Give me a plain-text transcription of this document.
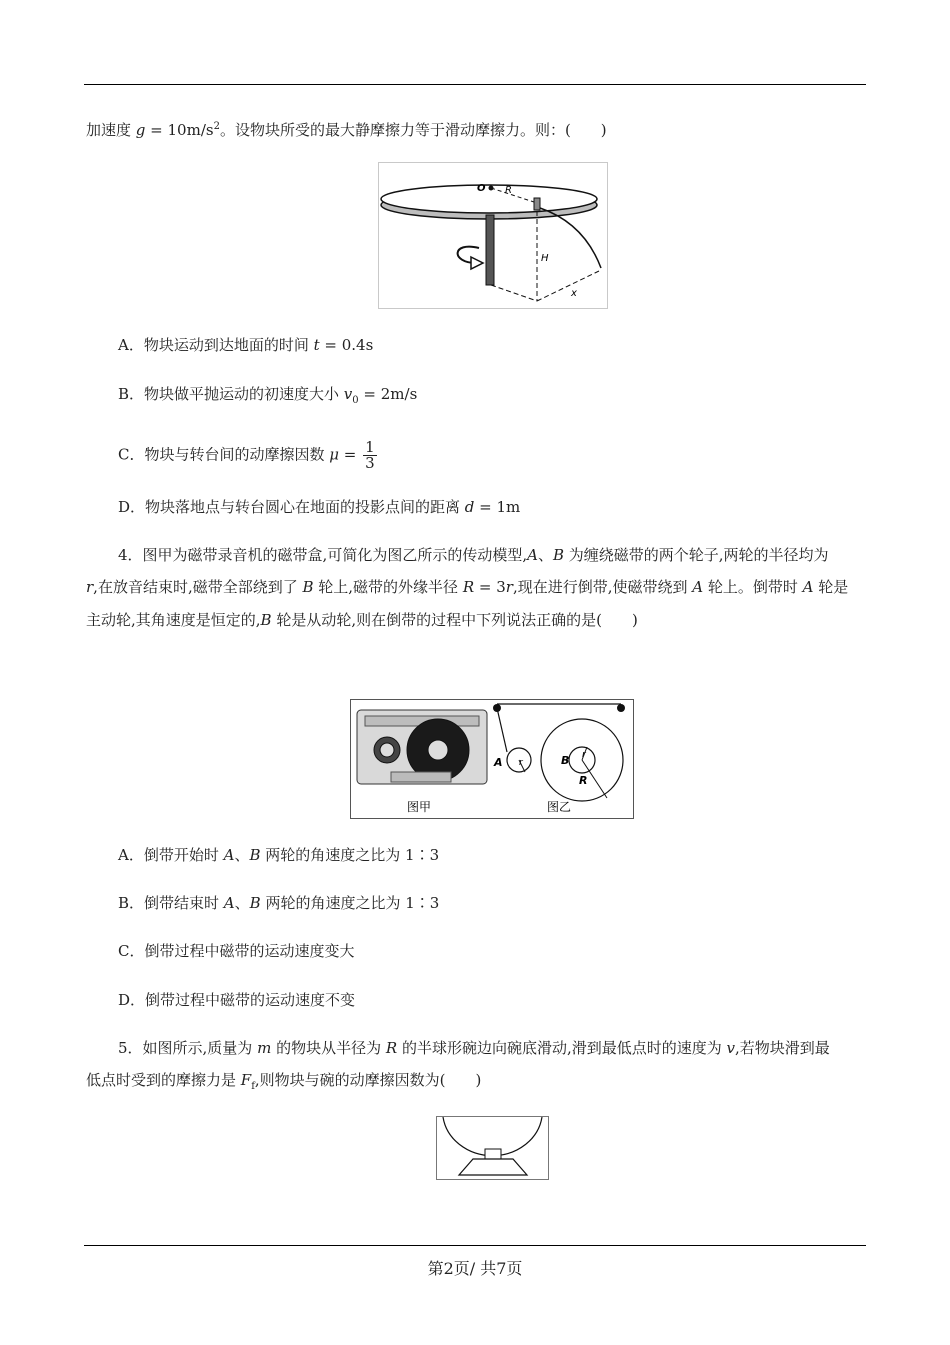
加速度 $g = 10m/s^2$。设物块所受的最大静摩擦力等于滑动摩擦力。则：(　　)
O R
H
x
A．物块运动到达地面的时间 t = 0.4s
B．物块做平抛运动的初速度大小 $v_0 = 2m/s$
C．物块与转台间的动摩擦因数 $\mu = \frac{1}{3}$
D．物块落地点与转台圆心在地面的投影点间的距离 d = 1m
4．图甲为磁带录音机的磁带盒,可简化为图乙所示的传动模型,A、B 为缠绕磁带的两个轮子,两轮的半径均为
r,在放音结束时,磁带全部绕到了 B 轮上,磁带的外缘半径 R = 3r,现在进行倒带,使磁带绕到 A 轮上。倒带时 A 轮是
主动轮,其角速度是恒定的,B 轮是从动轮,则在倒带的过程中下列说法正确的是(　　)
A r	B r
R
图甲	图乙
A．倒带开始时 A、B 两轮的角速度之比为 1∶3
B．倒带结束时 A、B 两轮的角速度之比为 1∶3
C．倒带过程中磁带的运动速度变大
D．倒带过程中磁带的运动速度不变
5．如图所示,质量为 m 的物块从半径为 R 的半球形碗边向碗底滑动,滑到最低点时的速度为 v,若物块滑到最
低点时受到的摩擦力是 $F_f$,则物块与碗的动摩擦因数为(　　)
第2页/ 共7页
